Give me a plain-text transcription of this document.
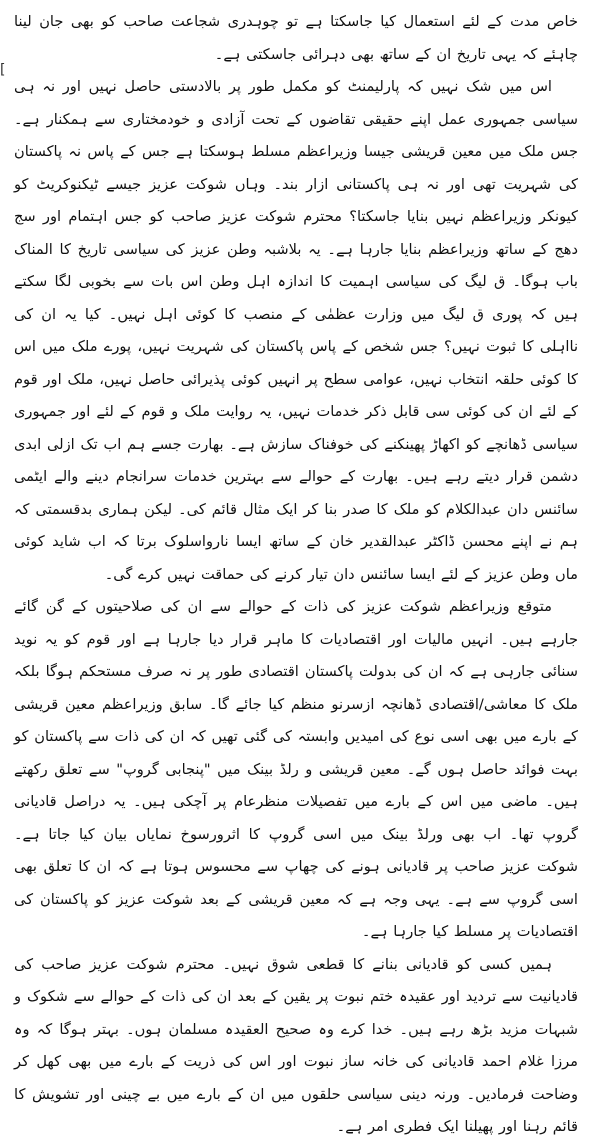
[

خاص مدت کے لئے استعمال کیا جاسکتا ہے تو چوہدری شجاعت صاحب کو بھی جان لینا چاہئے کہ یہی تاریخ ان کے ساتھ بھی دہرائی جاسکتی ہے۔

اس میں شک نہیں کہ پارلیمنٹ کو مکمل طور پر بالادستی حاصل نہیں اور نہ ہی سیاسی جمہوری عمل اپنے حقیقی تقاضوں کے تحت آزادی و خودمختاری سے ہمکنار ہے۔ جس ملک میں معین قریشی جیسا وزیراعظم مسلط ہوسکتا ہے جس کے پاس نہ پاکستان کی شہریت تھی اور نہ ہی پاکستانی ازار بند۔ وہاں شوکت عزیز جیسے ٹیکنوکریٹ کو کیونکر وزیراعظم نہیں بنایا جاسکتا؟ محترم شوکت عزیز صاحب کو جس اہتمام اور سج دھج کے ساتھ وزیراعظم بنایا جارہا ہے۔ یہ بلاشبہ وطن عزیز کی سیاسی تاریخ کا المناک باب ہوگا۔ ق لیگ کی سیاسی اہمیت کا اندازہ اہل وطن اس بات سے بخوبی لگا سکتے ہیں کہ پوری ق لیگ میں وزارت عظمٰی کے منصب کا کوئی اہل نہیں۔ کیا یہ ان کی نااہلی کا ثبوت نہیں؟ جس شخص کے پاس پاکستان کی شہریت نہیں، پورے ملک میں اس کا کوئی حلقہ انتخاب نہیں، عوامی سطح پر انہیں کوئی پذیرائی حاصل نہیں، ملک اور قوم کے لئے ان کی کوئی سی قابل ذکر خدمات نہیں، یہ روایت ملک و قوم کے لئے اور جمہوری سیاسی ڈھانچے کو اکھاڑ پھینکنے کی خوفناک سازش ہے۔ بھارت جسے ہم اب تک ازلی ابدی دشمن قرار دیتے رہے ہیں۔ بھارت کے حوالے سے بہترین خدمات سرانجام دینے والے ایٹمی سائنس دان عبدالکلام کو ملک کا صدر بنا کر ایک مثال قائم کی۔ لیکن ہماری بدقسمتی کہ ہم نے اپنے محسن ڈاکٹر عبدالقدیر خان کے ساتھ ایسا نارواسلوک برتا کہ اب شاید کوئی ماں وطن عزیز کے لئے ایسا سائنس دان تیار کرنے کی حماقت نہیں کرے گی۔

متوقع وزیراعظم شوکت عزیز کی ذات کے حوالے سے ان کی صلاحیتوں کے گن گائے جارہے ہیں۔ انہیں مالیات اور اقتصادیات کا ماہر قرار دیا جارہا ہے اور قوم کو یہ نوید سنائی جارہی ہے کہ ان کی بدولت پاکستان اقتصادی طور پر نہ صرف مستحکم ہوگا بلکہ ملک کا معاشی/اقتصادی ڈھانچہ ازسرنو منظم کیا جائے گا۔ سابق وزیراعظم معین قریشی کے بارے میں بھی اسی نوع کی امیدیں وابستہ کی گئی تھیں کہ ان کی ذات سے پاکستان کو بہت فوائد حاصل ہوں گے۔ معین قریشی و رلڈ بینک میں "پنجابی گروپ" سے تعلق رکھتے ہیں۔ ماضی میں اس کے بارے میں تفصیلات منظرعام پر آچکی ہیں۔ یہ دراصل قادیانی گروپ تھا۔ اب بھی ورلڈ بینک میں اسی گروپ کا اثرورسوخ نمایاں بیان کیا جاتا ہے۔ شوکت عزیز صاحب پر قادیانی ہونے کی چھاپ سے محسوس ہوتا ہے کہ ان کا تعلق بھی اسی گروپ سے ہے۔ یہی وجہ ہے کہ معین قریشی کے بعد شوکت عزیز کو پاکستان کی اقتصادیات پر مسلط کیا جارہا ہے۔

ہمیں کسی کو قادیانی بنانے کا قطعی شوق نہیں۔ محترم شوکت عزیز صاحب کی قادیانیت سے تردید اور عقیدہ ختم نبوت پر یقین کے بعد ان کی ذات کے حوالے سے شکوک و شبہات مزید بڑھ رہے ہیں۔ خدا کرے وہ صحیح العقیدہ مسلمان ہوں۔ بہتر ہوگا کہ وہ مرزا غلام احمد قادیانی کی خانہ ساز نبوت اور اس کی ذریت کے بارے میں بھی کھل کر وضاحت فرمادیں۔ ورنہ دینی سیاسی حلقوں میں ان کے بارے میں بے چینی اور تشویش کا قائم رہنا اور پھیلنا ایک فطری امر ہے۔
